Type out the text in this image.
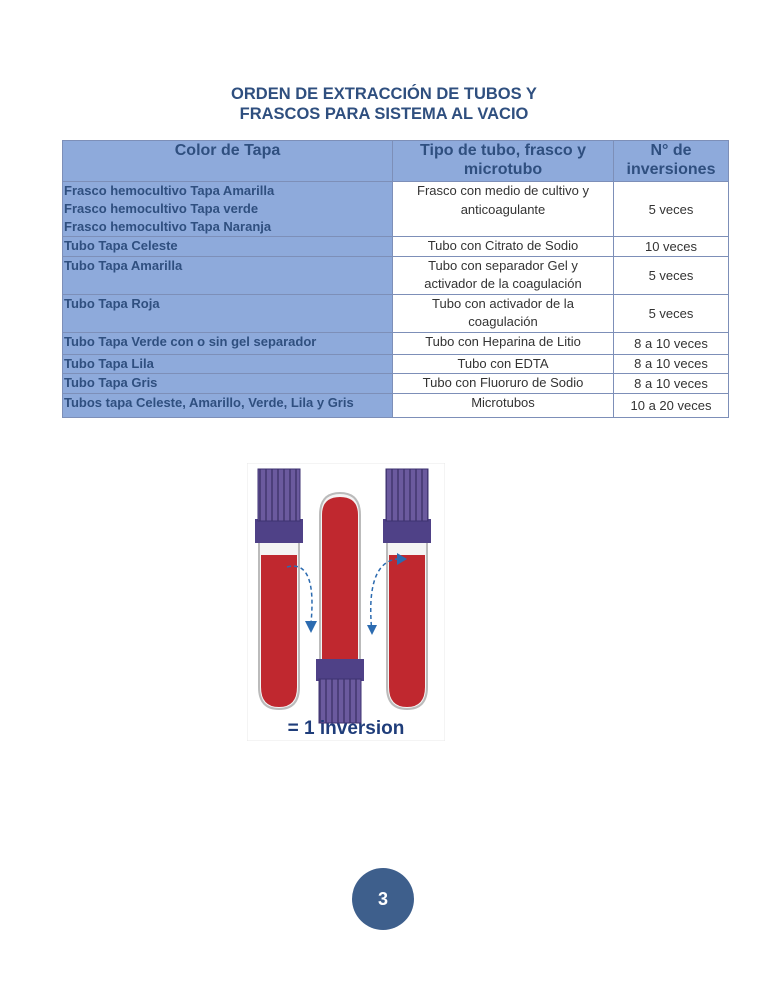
ORDEN DE EXTRACCIÓN DE TUBOS Y
FRASCOS PARA SISTEMA AL VACIO
Color de Tapa	Tipo de tubo, frasco y
microtubo	N° de
inversiones

Frasco hemocultivo Tapa Amarilla
Frasco hemocultivo Tapa verde
Frasco hemocultivo Tapa Naranja	Frasco con medio de cultivo y
anticoagulante	5 veces

Tubo Tapa Celeste	Tubo con Citrato de Sodio	10 veces

Tubo Tapa Amarilla	Tubo con separador Gel y
activador de la coagulación	5 veces

Tubo Tapa Roja	Tubo con activador de la
coagulación	5 veces

Tubo Tapa Verde con o sin gel separador	Tubo con Heparina de Litio	8 a 10 veces

Tubo Tapa Lila	Tubo con EDTA	8 a 10 veces

Tubo Tapa Gris	Tubo con Fluoruro de Sodio	8 a 10 veces

Tubos tapa Celeste, Amarillo, Verde, Lila y Gris	Microtubos	10 a 20 veces
= 1 inversion
3
